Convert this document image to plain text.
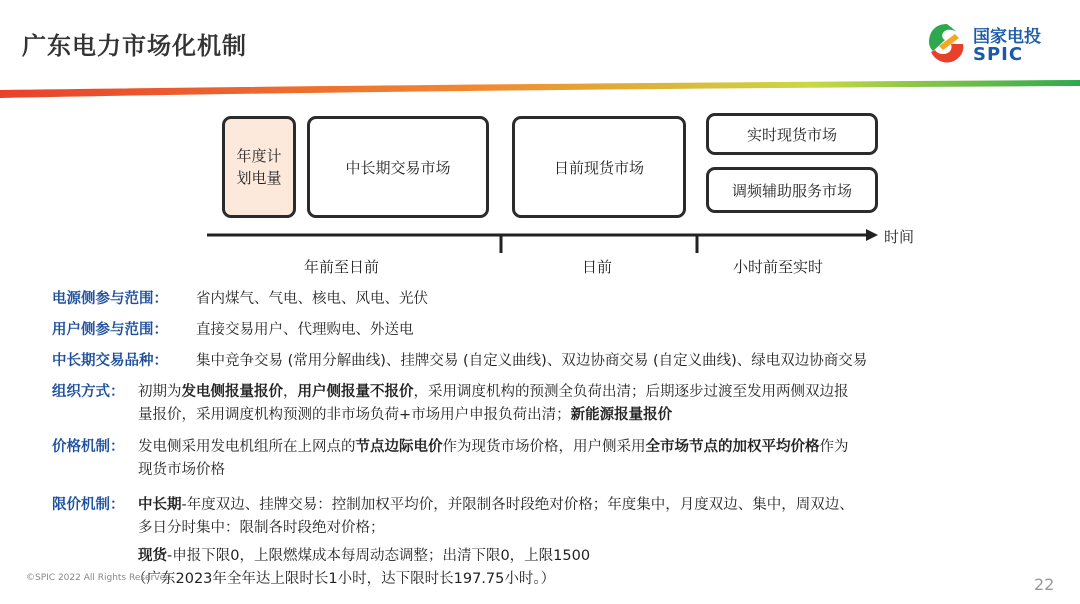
广东电力市场化机制	国家电投
SPIC
年度计划电量
中长期交易市场	日前现货市场
实时现货市场
调频辅助服务市场
时间
年前至日前	日前	小时前至实时
电源侧参与范围： 省内煤气、气电、核电、风电、光伏
用户侧参与范围： 直接交易用户、代理购电、外送电
中长期交易品种： 集中竞争交易 (常用分解曲线)、挂牌交易 (自定义曲线)、双边协商交易 (自定义曲线)、绿电双边协商交易
组织方式： 初期为发电侧报量报价，用户侧报量不报价，采用调度机构的预测全负荷出清；后期逐步过渡至发用两侧双边报
量报价，采用调度机构预测的非市场负荷+市场用户申报负荷出清；新能源报量报价
价格机制： 发电侧采用发电机组所在上网点的节点边际电价作为现货市场价格，用户侧采用全市场节点的加权平均价格作为
现货市场价格
限价机制： 中长期-年度双边、挂牌交易：控制加权平均价，并限制各时段绝对价格；年度集中，月度双边、集中，周双边、
多日分时集中：限制各时段绝对价格；
现货-申报下限0，上限燃煤成本每周动态调整；出清下限0，上限1500
（广东2023年全年达上限时长1小时，达下限时长197.75小时。）
©SPIC 2022 All Rights Reserved	22
